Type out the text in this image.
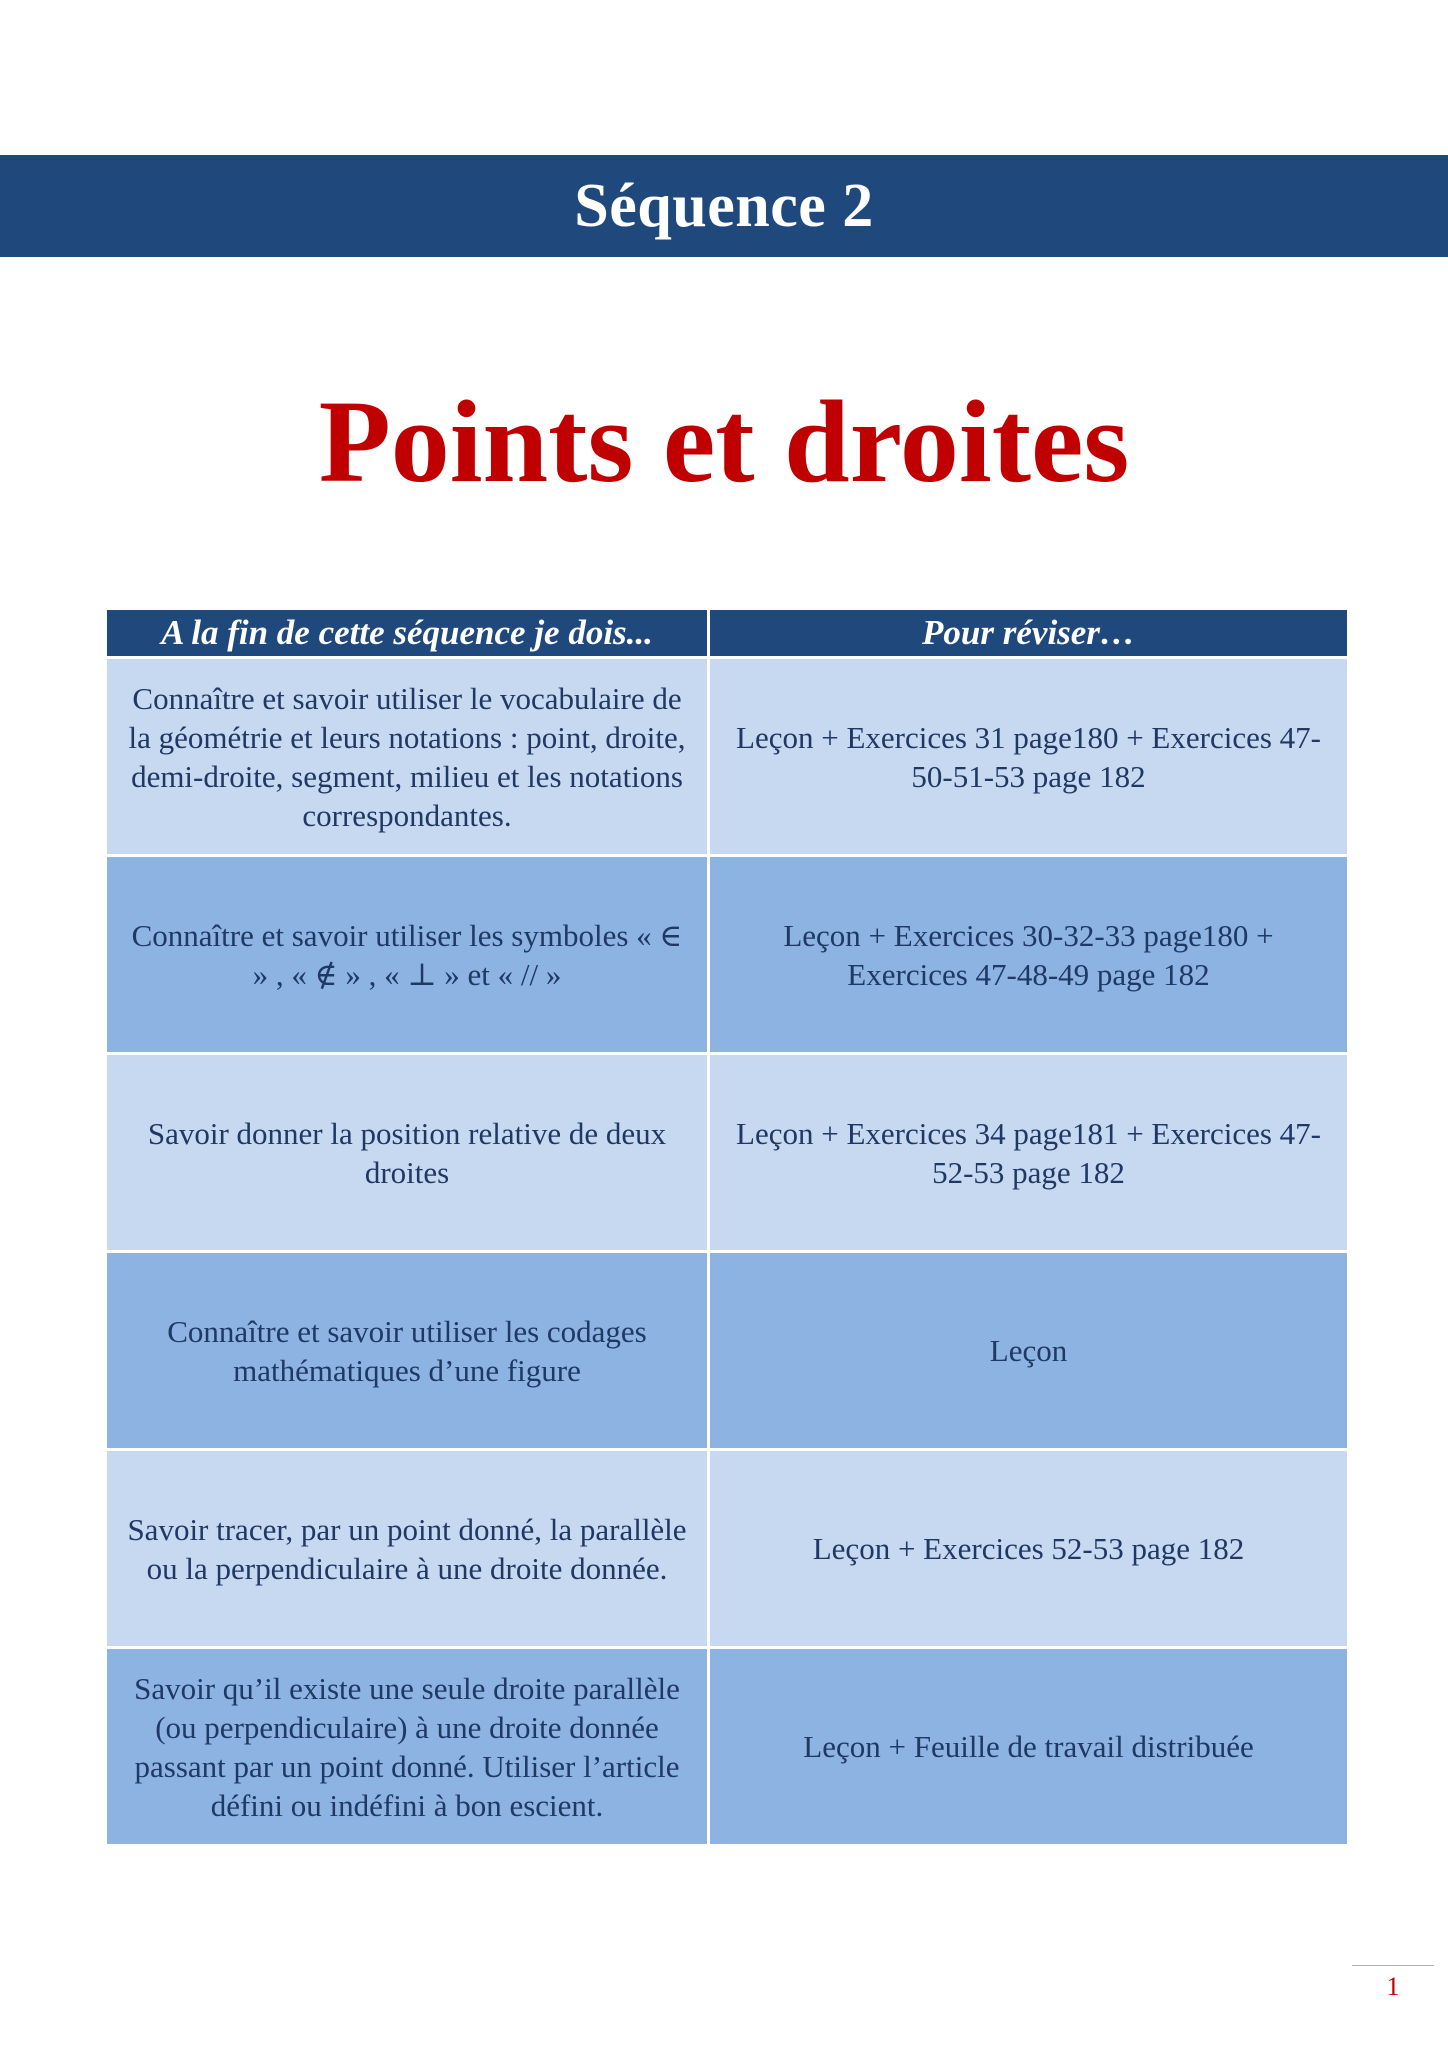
Séquence 2
Points et droites
A la fin de cette séquence je dois...	Pour réviser…
Connaître et savoir utiliser le vocabulaire de la géométrie et leurs notations : point, droite, demi-droite, segment, milieu et les notations correspondantes.	Leçon + Exercices 31 page180 + Exercices 47-50-51-53 page 182
Connaître et savoir utiliser les symboles « ∈ » , « ∉ » , « ⊥ » et « // »	Leçon + Exercices 30-32-33 page180 + Exercices 47-48-49 page 182
Savoir donner la position relative de deux droites	Leçon + Exercices 34 page181 + Exercices 47-52-53 page 182
Connaître et savoir utiliser les codages mathématiques d’une figure	Leçon
Savoir tracer, par un point donné, la parallèle ou la perpendiculaire à une droite donnée.	Leçon + Exercices 52-53 page 182
Savoir qu’il existe une seule droite parallèle (ou perpendiculaire) à une droite donnée passant par un point donné. Utiliser l’article défini ou indéfini à bon escient.	Leçon + Feuille de travail distribuée
1
